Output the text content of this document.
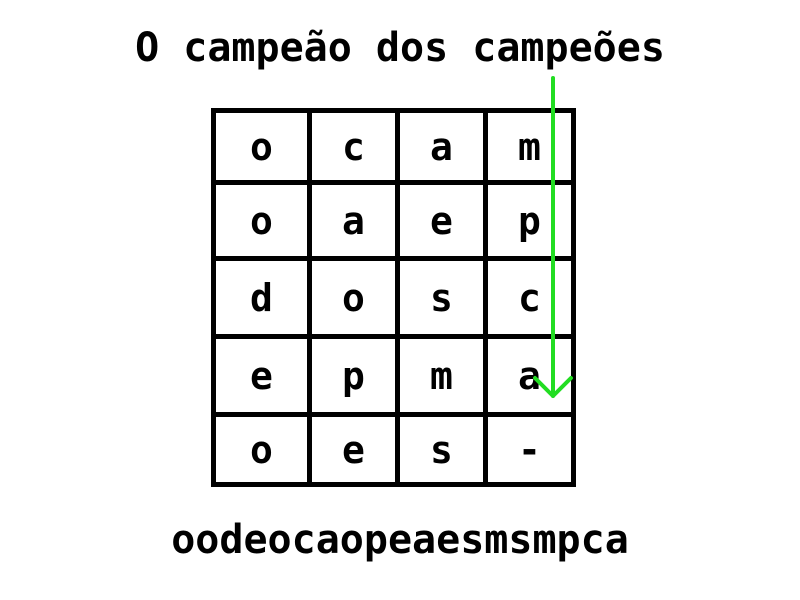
O campeão dos campeões
o	c	a	m
o	a	e	p
d	o	s	c
e	p	m	a
o	e	s	-
oodeocaopeaesmsmpca
